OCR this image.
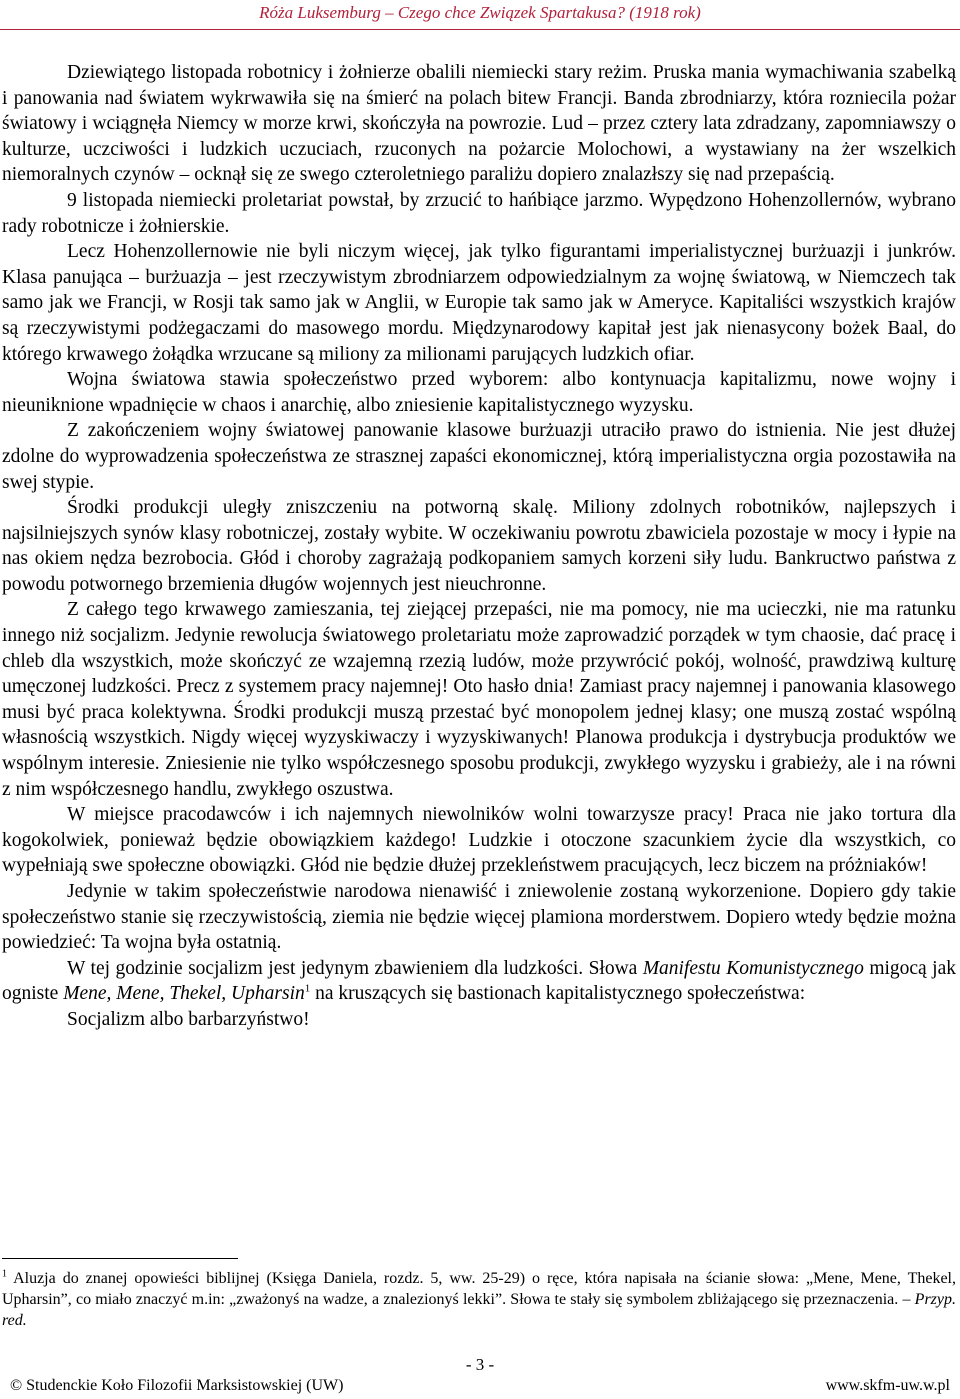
Róża Luksemburg – Czego chce Związek Spartakusa? (1918 rok)

Dziewiątego listopada robotnicy i żołnierze obalili niemiecki stary reżim. Pruska mania wymachiwania szabelką i panowania nad światem wykrwawiła się na śmierć na polach bitew Francji. Banda zbrodniarzy, która rozniecila pożar światowy i wciągnęła Niemcy w morze krwi, skończyła na powrozie. Lud – przez cztery lata zdradzany, zapomniawszy o kulturze, uczciwości i ludzkich uczuciach, rzuconych na pożarcie Molochowi, a wystawiany na żer wszelkich niemoralnych czynów – ocknął się ze swego czteroletniego paraliżu dopiero znalazłszy się nad przepaścią.

9 listopada niemiecki proletariat powstał, by zrzucić to hańbiące jarzmo. Wypędzono Hohenzollernów, wybrano rady robotnicze i żołnierskie.

Lecz Hohenzollernowie nie byli niczym więcej, jak tylko figurantami imperialistycznej burżuazji i junkrów. Klasa panująca – burżuazja – jest rzeczywistym zbrodniarzem odpowiedzialnym za wojnę światową, w Niemczech tak samo jak we Francji, w Rosji tak samo jak w Anglii, w Europie tak samo jak w Ameryce. Kapitaliści wszystkich krajów są rzeczywistymi podżegaczami do masowego mordu. Międzynarodowy kapitał jest jak nienasycony bożek Baal, do którego krwawego żołądka wrzucane są miliony za milionami parujących ludzkich ofiar.

Wojna światowa stawia społeczeństwo przed wyborem: albo kontynuacja kapitalizmu, nowe wojny i nieuniknione wpadnięcie w chaos i anarchię, albo zniesienie kapitalistycznego wyzysku.

Z zakończeniem wojny światowej panowanie klasowe burżuazji utraciło prawo do istnienia. Nie jest dłużej zdolne do wyprowadzenia społeczeństwa ze strasznej zapaści ekonomicznej, którą imperialistyczna orgia pozostawiła na swej stypie.

Środki produkcji uległy zniszczeniu na potworną skalę. Miliony zdolnych robotników, najlepszych i najsilniejszych synów klasy robotniczej, zostały wybite. W oczekiwaniu powrotu zbawiciela pozostaje w mocy i łypie na nas okiem nędza bezrobocia. Głód i choroby zagrażają podkopaniem samych korzeni siły ludu. Bankructwo państwa z powodu potwornego brzemienia długów wojennych jest nieuchronne.

Z całego tego krwawego zamieszania, tej ziejącej przepaści, nie ma pomocy, nie ma ucieczki, nie ma ratunku innego niż socjalizm. Jedynie rewolucja światowego proletariatu może zaprowadzić porządek w tym chaosie, dać pracę i chleb dla wszystkich, może skończyć ze wzajemną rzezią ludów, może przywrócić pokój, wolność, prawdziwą kulturę umęczonej ludzkości. Precz z systemem pracy najemnej! Oto hasło dnia! Zamiast pracy najemnej i panowania klasowego musi być praca kolektywna. Środki produkcji muszą przestać być monopolem jednej klasy; one muszą zostać wspólną własnością wszystkich. Nigdy więcej wyzyskiwaczy i wyzyskiwanych! Planowa produkcja i dystrybucja produktów we wspólnym interesie. Zniesienie nie tylko współczesnego sposobu produkcji, zwykłego wyzysku i grabieży, ale i na równi z nim współczesnego handlu, zwykłego oszustwa.

W miejsce pracodawców i ich najemnych niewolników wolni towarzysze pracy! Praca nie jako tortura dla kogokolwiek, ponieważ będzie obowiązkiem każdego! Ludzkie i otoczone szacunkiem życie dla wszystkich, co wypełniają swe społeczne obowiązki. Głód nie będzie dłużej przekleństwem pracujących, lecz biczem na próżniaków!

Jedynie w takim społeczeństwie narodowa nienawiść i zniewolenie zostaną wykorzenione. Dopiero gdy takie społeczeństwo stanie się rzeczywistością, ziemia nie będzie więcej plamiona morderstwem. Dopiero wtedy będzie można powiedzieć: Ta wojna była ostatnią.

W tej godzinie socjalizm jest jedynym zbawieniem dla ludzkości. Słowa Manifestu Komunistycznego migocą jak ogniste Mene, Mene, Thekel, Upharsin$^1$ na kruszących się bastionach kapitalistycznego społeczeństwa:

Socjalizm albo barbarzyństwo!

$^1$ Aluzja do znanej opowieści biblijnej (Księga Daniela, rozdz. 5, ww. 25-29) o ręce, która napisała na ścianie słowa: „Mene, Mene, Thekel, Upharsin”, co miało znaczyć m.in: „zważonyś na wadze, a znalezionyś lekki”. Słowa te stały się symbolem zbliżającego się przeznaczenia. – Przyp. red.
- 3 -
© Studenckie Koło Filozofii Marksistowskiej (UW)	www.skfm-uw.w.pl
